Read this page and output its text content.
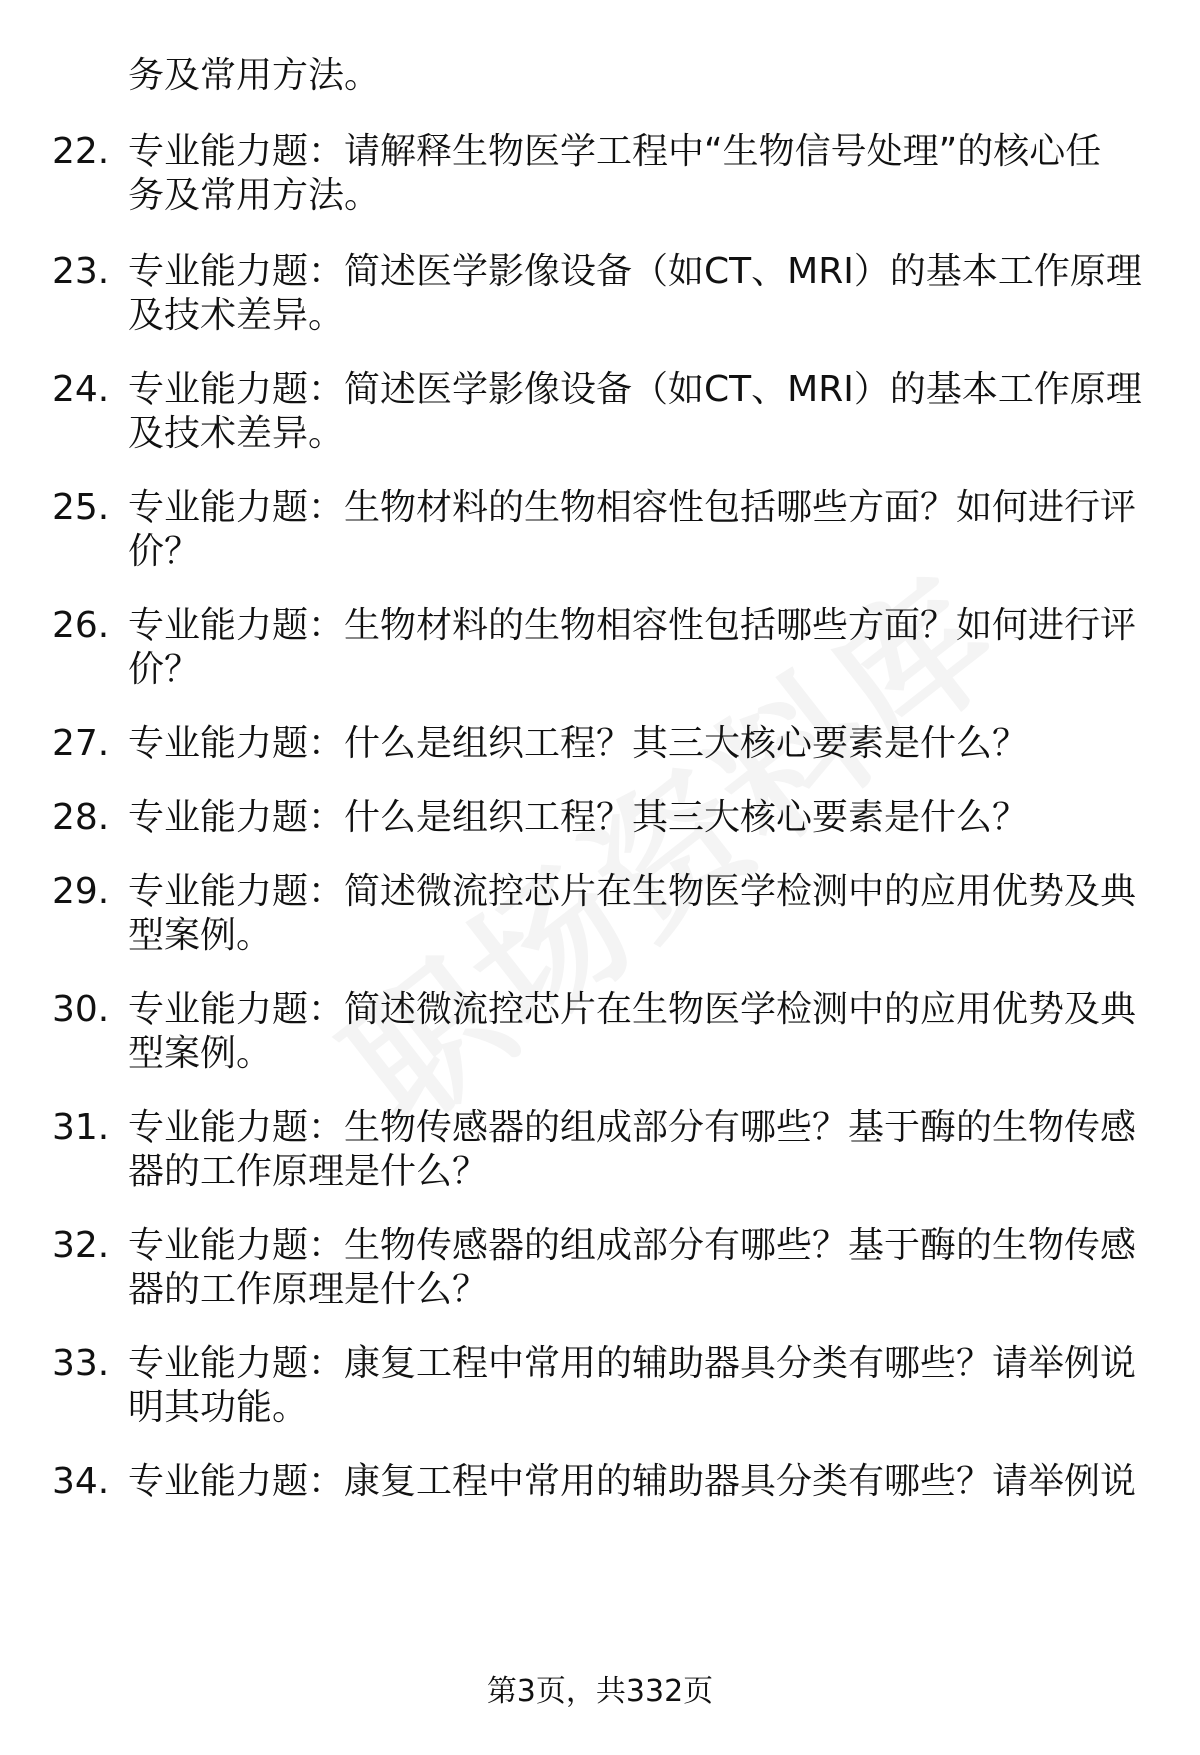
务及常用方法。
22. 专业能力题：请解释生物医学工程中“生物信号处理”的核心任
务及常用方法。
23. 专业能力题：简述医学影像设备（如CT、MRI）的基本工作原理
及技术差异。
24. 专业能力题：简述医学影像设备（如CT、MRI）的基本工作原理
及技术差异。
25. 专业能力题：生物材料的生物相容性包括哪些方面？如何进行评
价？
26. 专业能力题：生物材料的生物相容性包括哪些方面？如何进行评
价？
27. 专业能力题：什么是组织工程？其三大核心要素是什么？
28. 专业能力题：什么是组织工程？其三大核心要素是什么？
29. 专业能力题：简述微流控芯片在生物医学检测中的应用优势及典
型案例。
30. 专业能力题：简述微流控芯片在生物医学检测中的应用优势及典
型案例。
31. 专业能力题：生物传感器的组成部分有哪些？基于酶的生物传感
器的工作原理是什么？
32. 专业能力题：生物传感器的组成部分有哪些？基于酶的生物传感
器的工作原理是什么？
33. 专业能力题：康复工程中常用的辅助器具分类有哪些？请举例说
明其功能。
34. 专业能力题：康复工程中常用的辅助器具分类有哪些？请举例说
第3页，共332页
